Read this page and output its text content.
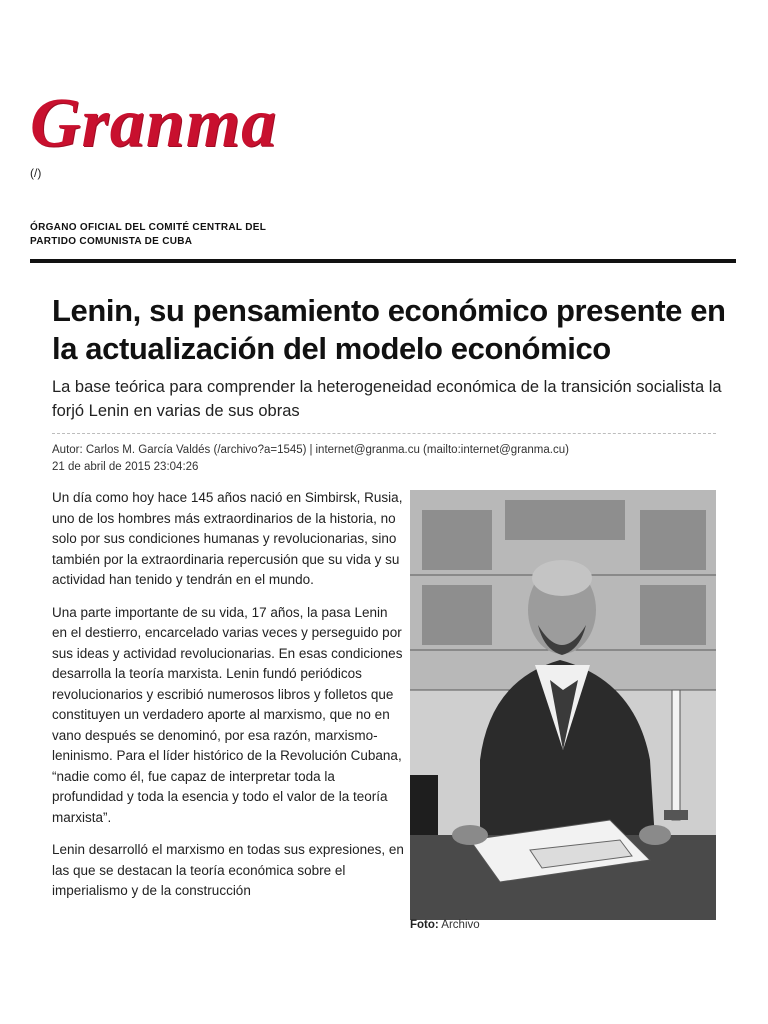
Granma
(/)
ÓRGANO OFICIAL DEL COMITÉ CENTRAL DEL
PARTIDO COMUNISTA DE CUBA
Lenin, su pensamiento económico presente en la actualización del modelo económico

La base teórica para comprender la heterogeneidad económica de la transición socialista la forjó Lenin en varias de sus obras

Autor: Carlos M. García Valdés (/archivo?a=1545) | internet@granma.cu (mailto:internet@granma.cu)
21 de abril de 2015 23:04:26

Un día como hoy hace 145 años nació en Simbirsk, Rusia, uno de los hombres más extraordinarios de la historia, no solo por sus condiciones humanas y revolucionarias, sino también por la extraordinaria repercusión que su vida y su actividad han tenido y tendrán en el mundo.

Una parte importante de su vida, 17 años, la pasa Lenin en el destierro, encarcelado varias veces y perseguido por sus ideas y actividad revolucionarias. En esas condiciones desarrolla la teoría marxista. Lenin fundó periódicos revolucionarios y escribió numerosos libros y folletos que constituyen un verdadero aporte al marxismo, que no en vano después se denominó, por esa razón, marxismo-leninismo. Para el líder histórico de la Revolución Cubana, “nadie como él, fue capaz de interpretar toda la profundidad y toda la esencia y todo el valor de la teoría marxista”.

Lenin desarrolló el marxismo en todas sus expresiones, en las que se destacan la teoría económica sobre el imperialismo y de la construcción

Foto: Archivo
